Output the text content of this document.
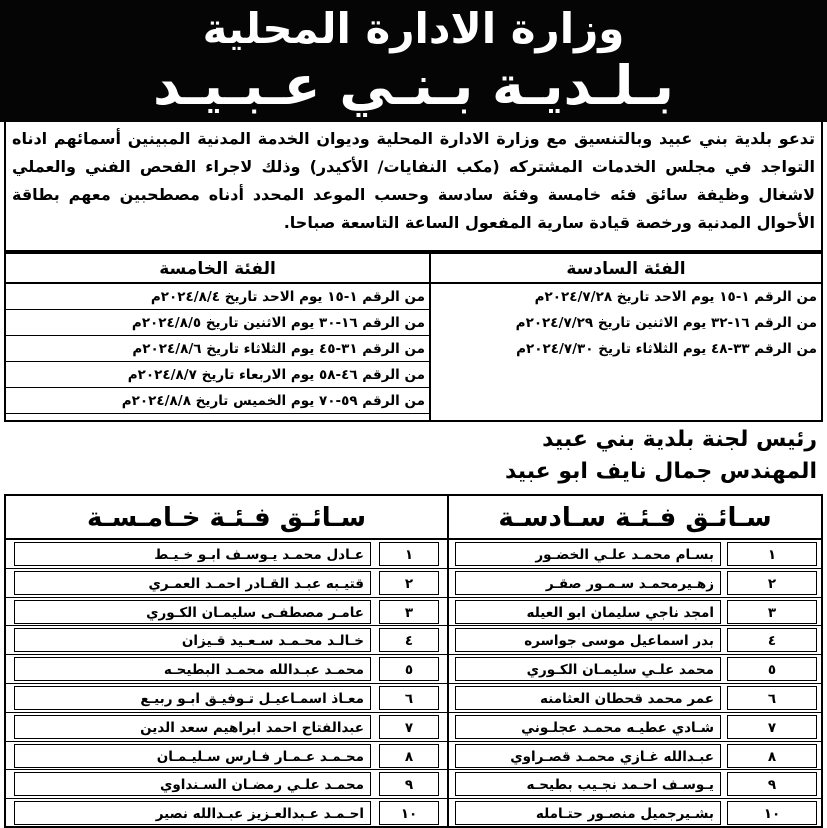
وزارة الادارة المحلية
بـلـديـة بـنـي عـبـيـد
تدعو بلدية بني عبيد وبالتنسيق مع وزارة الادارة المحلية وديوان الخدمة المدنية المبينين أسمائهم ادناه التواجد في مجلس الخدمات المشتركه (مكب النفايات/ الأكيدر) وذلك لاجراء الفحص الفني والعملي لاشغال وظيفة سائق فئه خامسة وفئة سادسة وحسب الموعد المحدد أدناه مصطحبين معهم بطاقة الأحوال المدنية ورخصة قيادة سارية المفعول الساعة التاسعة صباحا.
الفئة السادسة
من الرقم ١-١٥ يوم الاحد تاريخ ٢٠٢٤/٧/٢٨م
من الرقم ١٦-٣٢ يوم الاثنين تاريخ ٢٠٢٤/٧/٢٩م
من الرقم ٣٣-٤٨ يوم الثلاثاء تاريخ ٢٠٢٤/٧/٣٠م
الفئة الخامسة
من الرقم ١-١٥ يوم الاحد تاريخ ٢٠٢٤/٨/٤م
من الرقم ١٦-٣٠ يوم الاثنين تاريخ ٢٠٢٤/٨/٥م
من الرقم ٣١-٤٥ يوم الثلاثاء تاريخ ٢٠٢٤/٨/٦م
من الرقم ٤٦-٥٨ يوم الاربعاء تاريخ ٢٠٢٤/٨/٧م
من الرقم ٥٩-٧٠ يوم الخميس تاريخ ٢٠٢٤/٨/٨م
رئيس لجنة بلدية بني عبيد
المهندس جمال نايف ابو عبيد
سـائـق فـئـة سـادسـة
١
بسـام محمـد علـي الخضـور
٢
زهـيرمحمـد سـمـور صقـر
٣
امجد ناجي سليمان ابو العيله
٤
بدر اسماعيل موسى جواسره
٥
محمد علـي سليمـان الكـوري
٦
عمر محمد قحطان العثامنه
٧
شـادي عطيـه محمـد عجلـوني
٨
عبـدالله غـازي محمـد قصـراوي
٩
يـوسـف احـمد نجـيب بطيحـه
١٠
بشـيرجميل منصـور حتـامله
سـائـق فـئـة خـامـسـة
١
عـادل محمـد يـوسـف ابـو خـيـط
٢
قتيـبه عبـد القـادر احمـد العمـري
٣
عامـر مصطفـى سليمـان الكـوري
٤
خـالـد محـمـد سـعـيد قـيزان
٥
محمـد عبـدالله محمـد البطيحـه
٦
معـاذ اسمـاعيـل تـوفيـق ابـو ربيـع
٧
عبدالفتاح احمد ابراهيم سعد الدين
٨
محـمـد عـمـار فـارس سـليـمـان
٩
محمـد علـي رمضـان السـنداوي
١٠
احـمـد عـبدالعـزيز عبـدالله نصير
